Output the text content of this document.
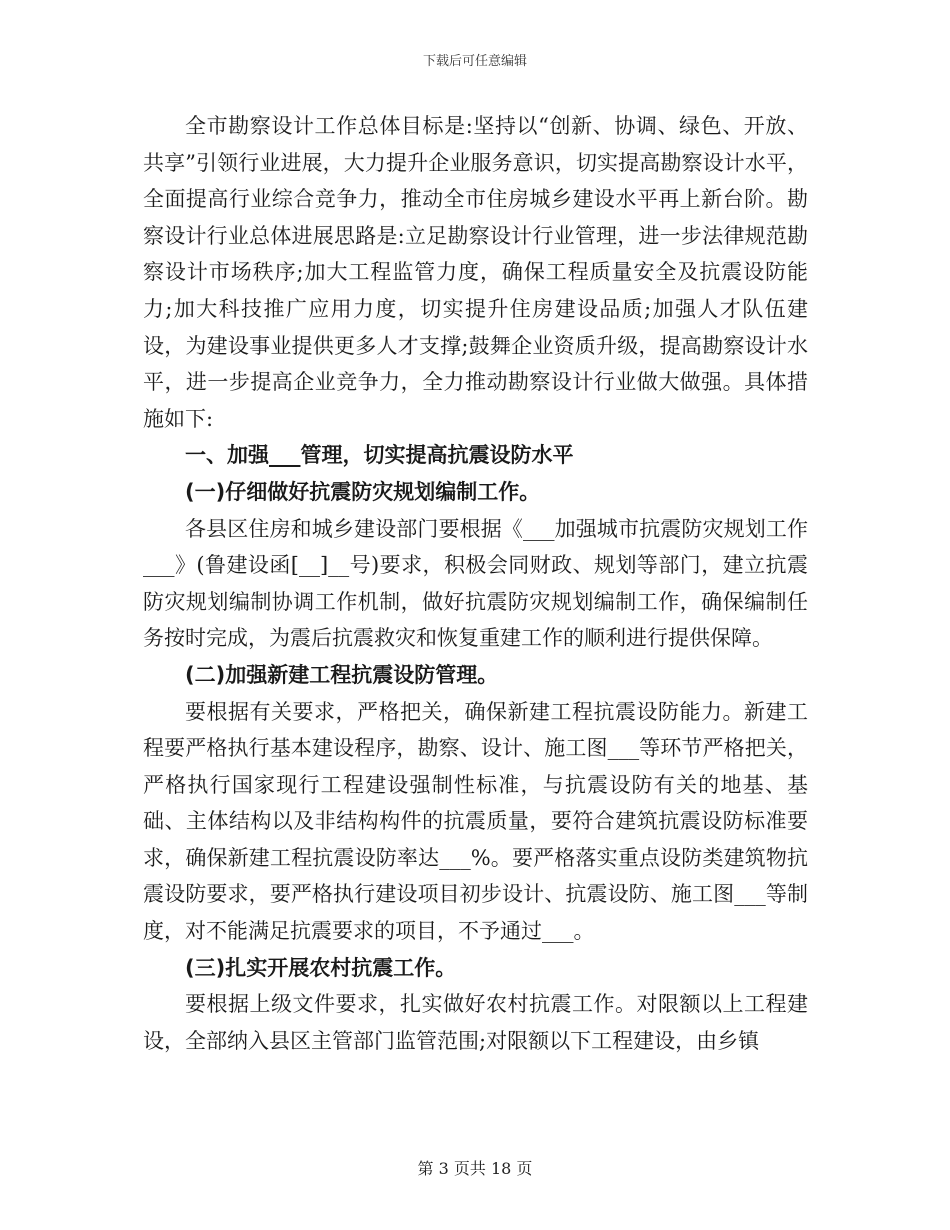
下载后可任意编辑

全市勘察设计工作总体目标是:坚持以“创新、协调、绿色、开放、共享”引领行业进展，大力提升企业服务意识，切实提高勘察设计水平，全面提高行业综合竞争力，推动全市住房城乡建设水平再上新台阶。勘察设计行业总体进展思路是:立足勘察设计行业管理，进一步法律规范勘察设计市场秩序;加大工程监管力度，确保工程质量安全及抗震设防能力;加大科技推广应用力度，切实提升住房建设品质;加强人才队伍建设，为建设事业提供更多人才支撑;鼓舞企业资质升级，提高勘察设计水平，进一步提高企业竞争力，全力推动勘察设计行业做大做强。具体措施如下:

一、加强___管理，切实提高抗震设防水平

(一)仔细做好抗震防灾规划编制工作。

各县区住房和城乡建设部门要根据《___加强城市抗震防灾规划工作___》(鲁建设函[__]__号)要求，积极会同财政、规划等部门，建立抗震防灾规划编制协调工作机制，做好抗震防灾规划编制工作，确保编制任务按时完成，为震后抗震救灾和恢复重建工作的顺利进行提供保障。

(二)加强新建工程抗震设防管理。

要根据有关要求，严格把关，确保新建工程抗震设防能力。新建工程要严格执行基本建设程序，勘察、设计、施工图___等环节严格把关，严格执行国家现行工程建设强制性标准，与抗震设防有关的地基、基础、主体结构以及非结构构件的抗震质量，要符合建筑抗震设防标准要求，确保新建工程抗震设防率达___%。要严格落实重点设防类建筑物抗震设防要求，要严格执行建设项目初步设计、抗震设防、施工图___等制度，对不能满足抗震要求的项目，不予通过___。

(三)扎实开展农村抗震工作。

要根据上级文件要求，扎实做好农村抗震工作。对限额以上工程建设，全部纳入县区主管部门监管范围;对限额以下工程建设，由乡镇

第 3 页共 18 页
